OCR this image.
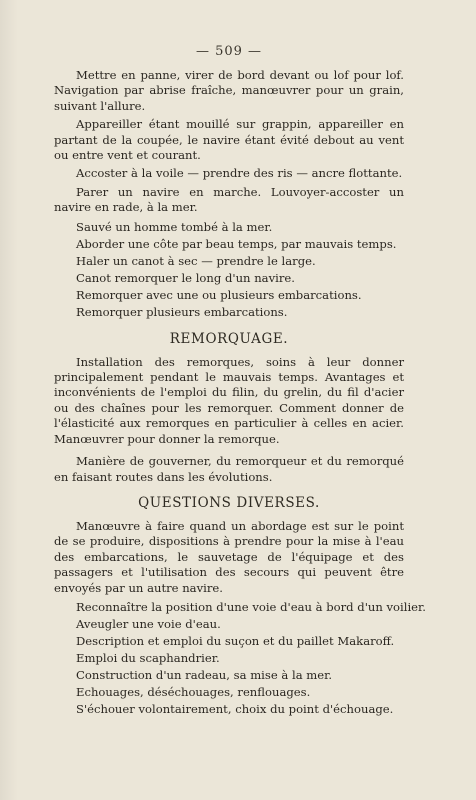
— 509 —

Mettre en panne, virer de bord devant ou lof pour lof. Navigation par abrise fraîche, manœuvrer pour un grain, suivant l'allure.

Appareiller étant mouillé sur grappin, appareiller en partant de la coupée, le navire étant évité debout au vent ou entre vent et courant.

Accoster à la voile — prendre des ris — ancre flottante.

Parer un navire en marche. Louvoyer-accoster un navire en rade, à la mer.

Sauvé un homme tombé à la mer.

Aborder une côte par beau temps, par mauvais temps.

Haler un canot à sec — prendre le large.

Canot remorquer le long d'un navire.

Remorquer avec une ou plusieurs embarcations.

Remorquer plusieurs embarcations.

REMORQUAGE.

Installation des remorques, soins à leur donner principalement pendant le mauvais temps. Avantages et inconvénients de l'emploi du filin, du grelin, du fil d'acier ou des chaînes pour les remorquer. Comment donner de l'élasticité aux remorques en particulier à celles en acier. Manœuvrer pour donner la remorque.

Manière de gouverner, du remorqueur et du remorqué en faisant routes dans les évolutions.

QUESTIONS DIVERSES.

Manœuvre à faire quand un abordage est sur le point de se produire, dispositions à prendre pour la mise à l'eau des embarcations, le sauvetage de l'équipage et des passagers et l'utilisation des secours qui peuvent être envoyés par un autre navire.

Reconnaître la position d'une voie d'eau à bord d'un voilier.

Aveugler une voie d'eau.

Description et emploi du suçon et du paillet Makaroff.

Emploi du scaphandrier.

Construction d'un radeau, sa mise à la mer.

Echouages, déséchouages, renflouages.

S'échouer volontairement, choix du point d'échouage.
